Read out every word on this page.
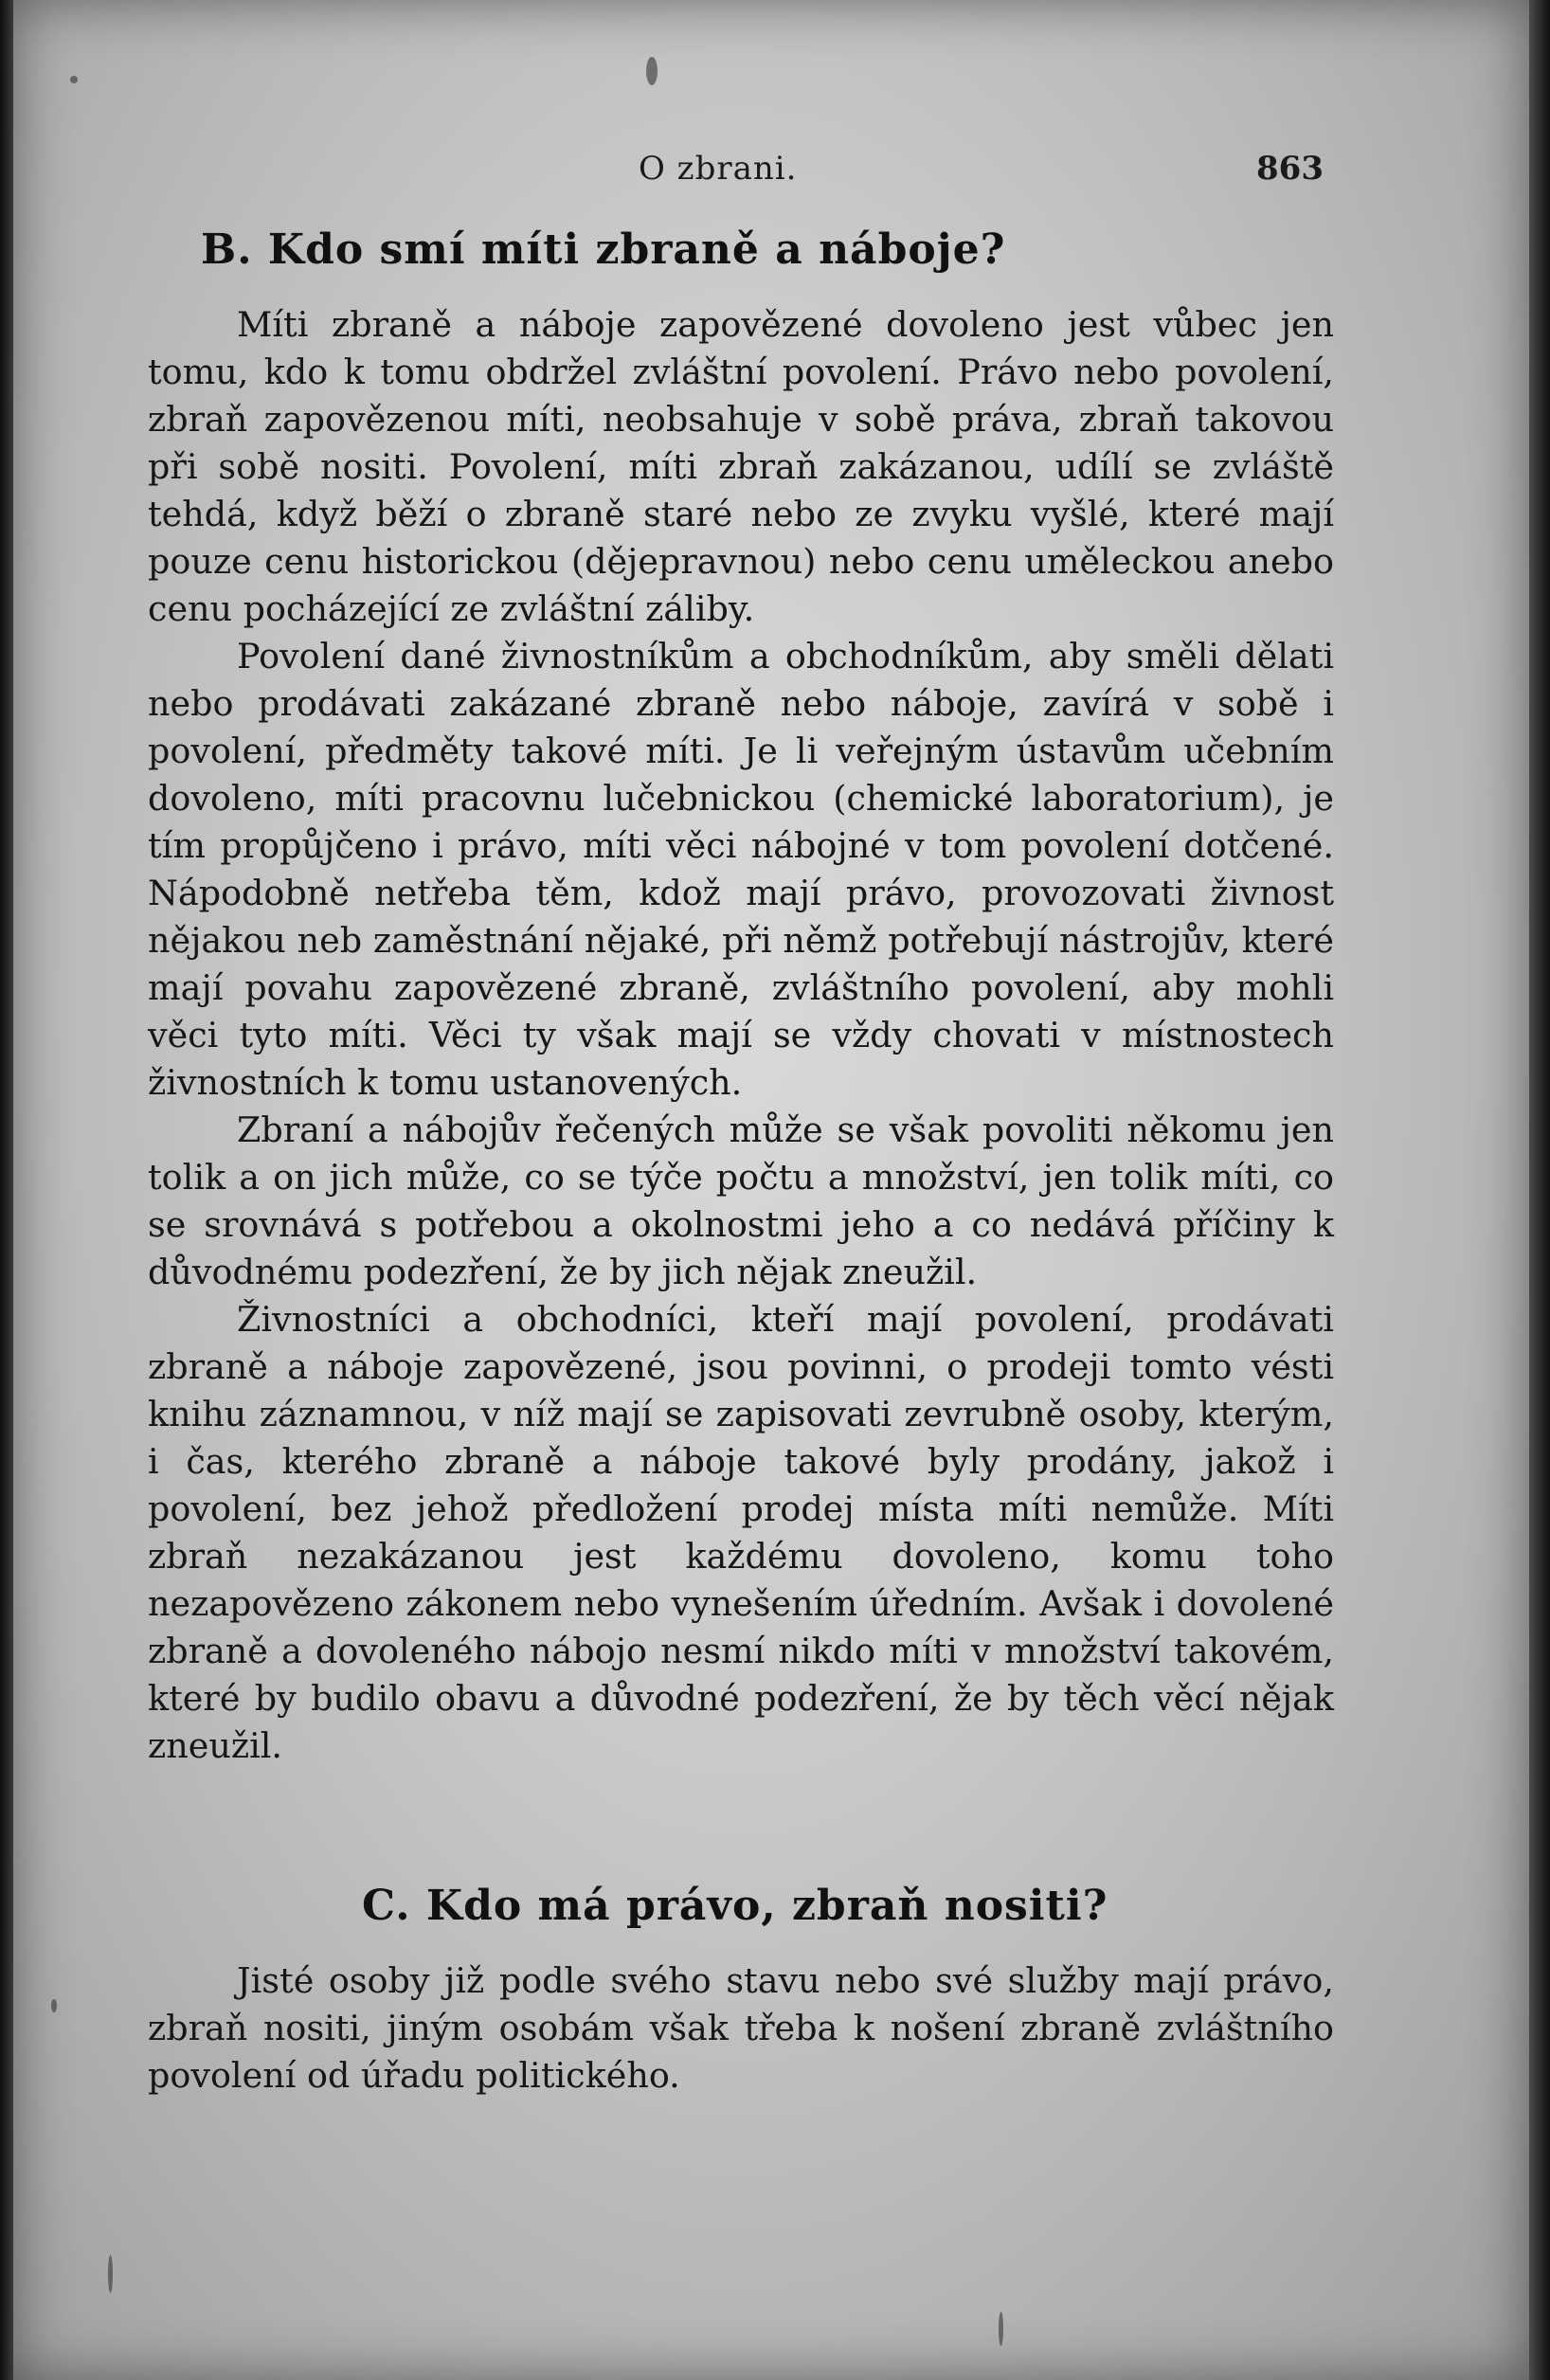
O zbrani.	863
B. Kdo smí míti zbraně a náboje?

Míti zbraně a náboje zapovězené dovoleno jest vůbec jen tomu, kdo k tomu obdržel zvláštní povolení. Právo nebo povolení, zbraň zapovězenou míti, neobsahuje v sobě práva, zbraň takovou při sobě nositi. Povolení, míti zbraň zakázanou, udílí se zvláště tehdá, když běží o zbraně staré nebo ze zvyku vyšlé, které mají pouze cenu historickou (dějepravnou) nebo cenu uměleckou anebo cenu pocházející ze zvláštní záliby.

Povolení dané živnostníkům a obchodníkům, aby směli dělati nebo prodávati zakázané zbraně nebo náboje, zavírá v sobě i povolení, předměty takové míti. Je li veřejným ústavům učebním dovoleno, míti pracovnu lučebnickou (chemické laboratorium), je tím propůjčeno i právo, míti věci nábojné v tom povolení dotčené. Nápodobně netřeba těm, kdož mají právo, provozovati živnost nějakou neb zaměstnání nějaké, při němž potřebují nástrojův, které mají povahu zapovězené zbraně, zvláštního povolení, aby mohli věci tyto míti. Věci ty však mají se vždy chovati v místnostech živnostních k tomu ustanovených.

Zbraní a nábojův řečených může se však povoliti někomu jen tolik a on jich může, co se týče počtu a množství, jen tolik míti, co se srovnává s potřebou a okolnostmi jeho a co nedává příčiny k důvodnému podezření, že by jich nějak zneužil.

Živnostníci a obchodníci, kteří mají povolení, prodávati zbraně a náboje zapovězené, jsou povinni, o prodeji tomto vésti knihu záznamnou, v níž mají se zapisovati zevrubně osoby, kterým, i čas, kterého zbraně a náboje takové byly prodány, jakož i povolení, bez jehož předložení prodej místa míti nemůže. Míti zbraň nezakázanou jest každému dovoleno, komu toho nezapovězeno zákonem nebo vynešením úředním. Avšak i dovolené zbraně a dovoleného nábojo nesmí nikdo míti v množství takovém, které by budilo obavu a důvodné podezření, že by těch věcí nějak zneužil.

C. Kdo má právo, zbraň nositi?

Jisté osoby již podle svého stavu nebo své služby mají právo, zbraň nositi, jiným osobám však třeba k nošení zbraně zvláštního povolení od úřadu politického.
